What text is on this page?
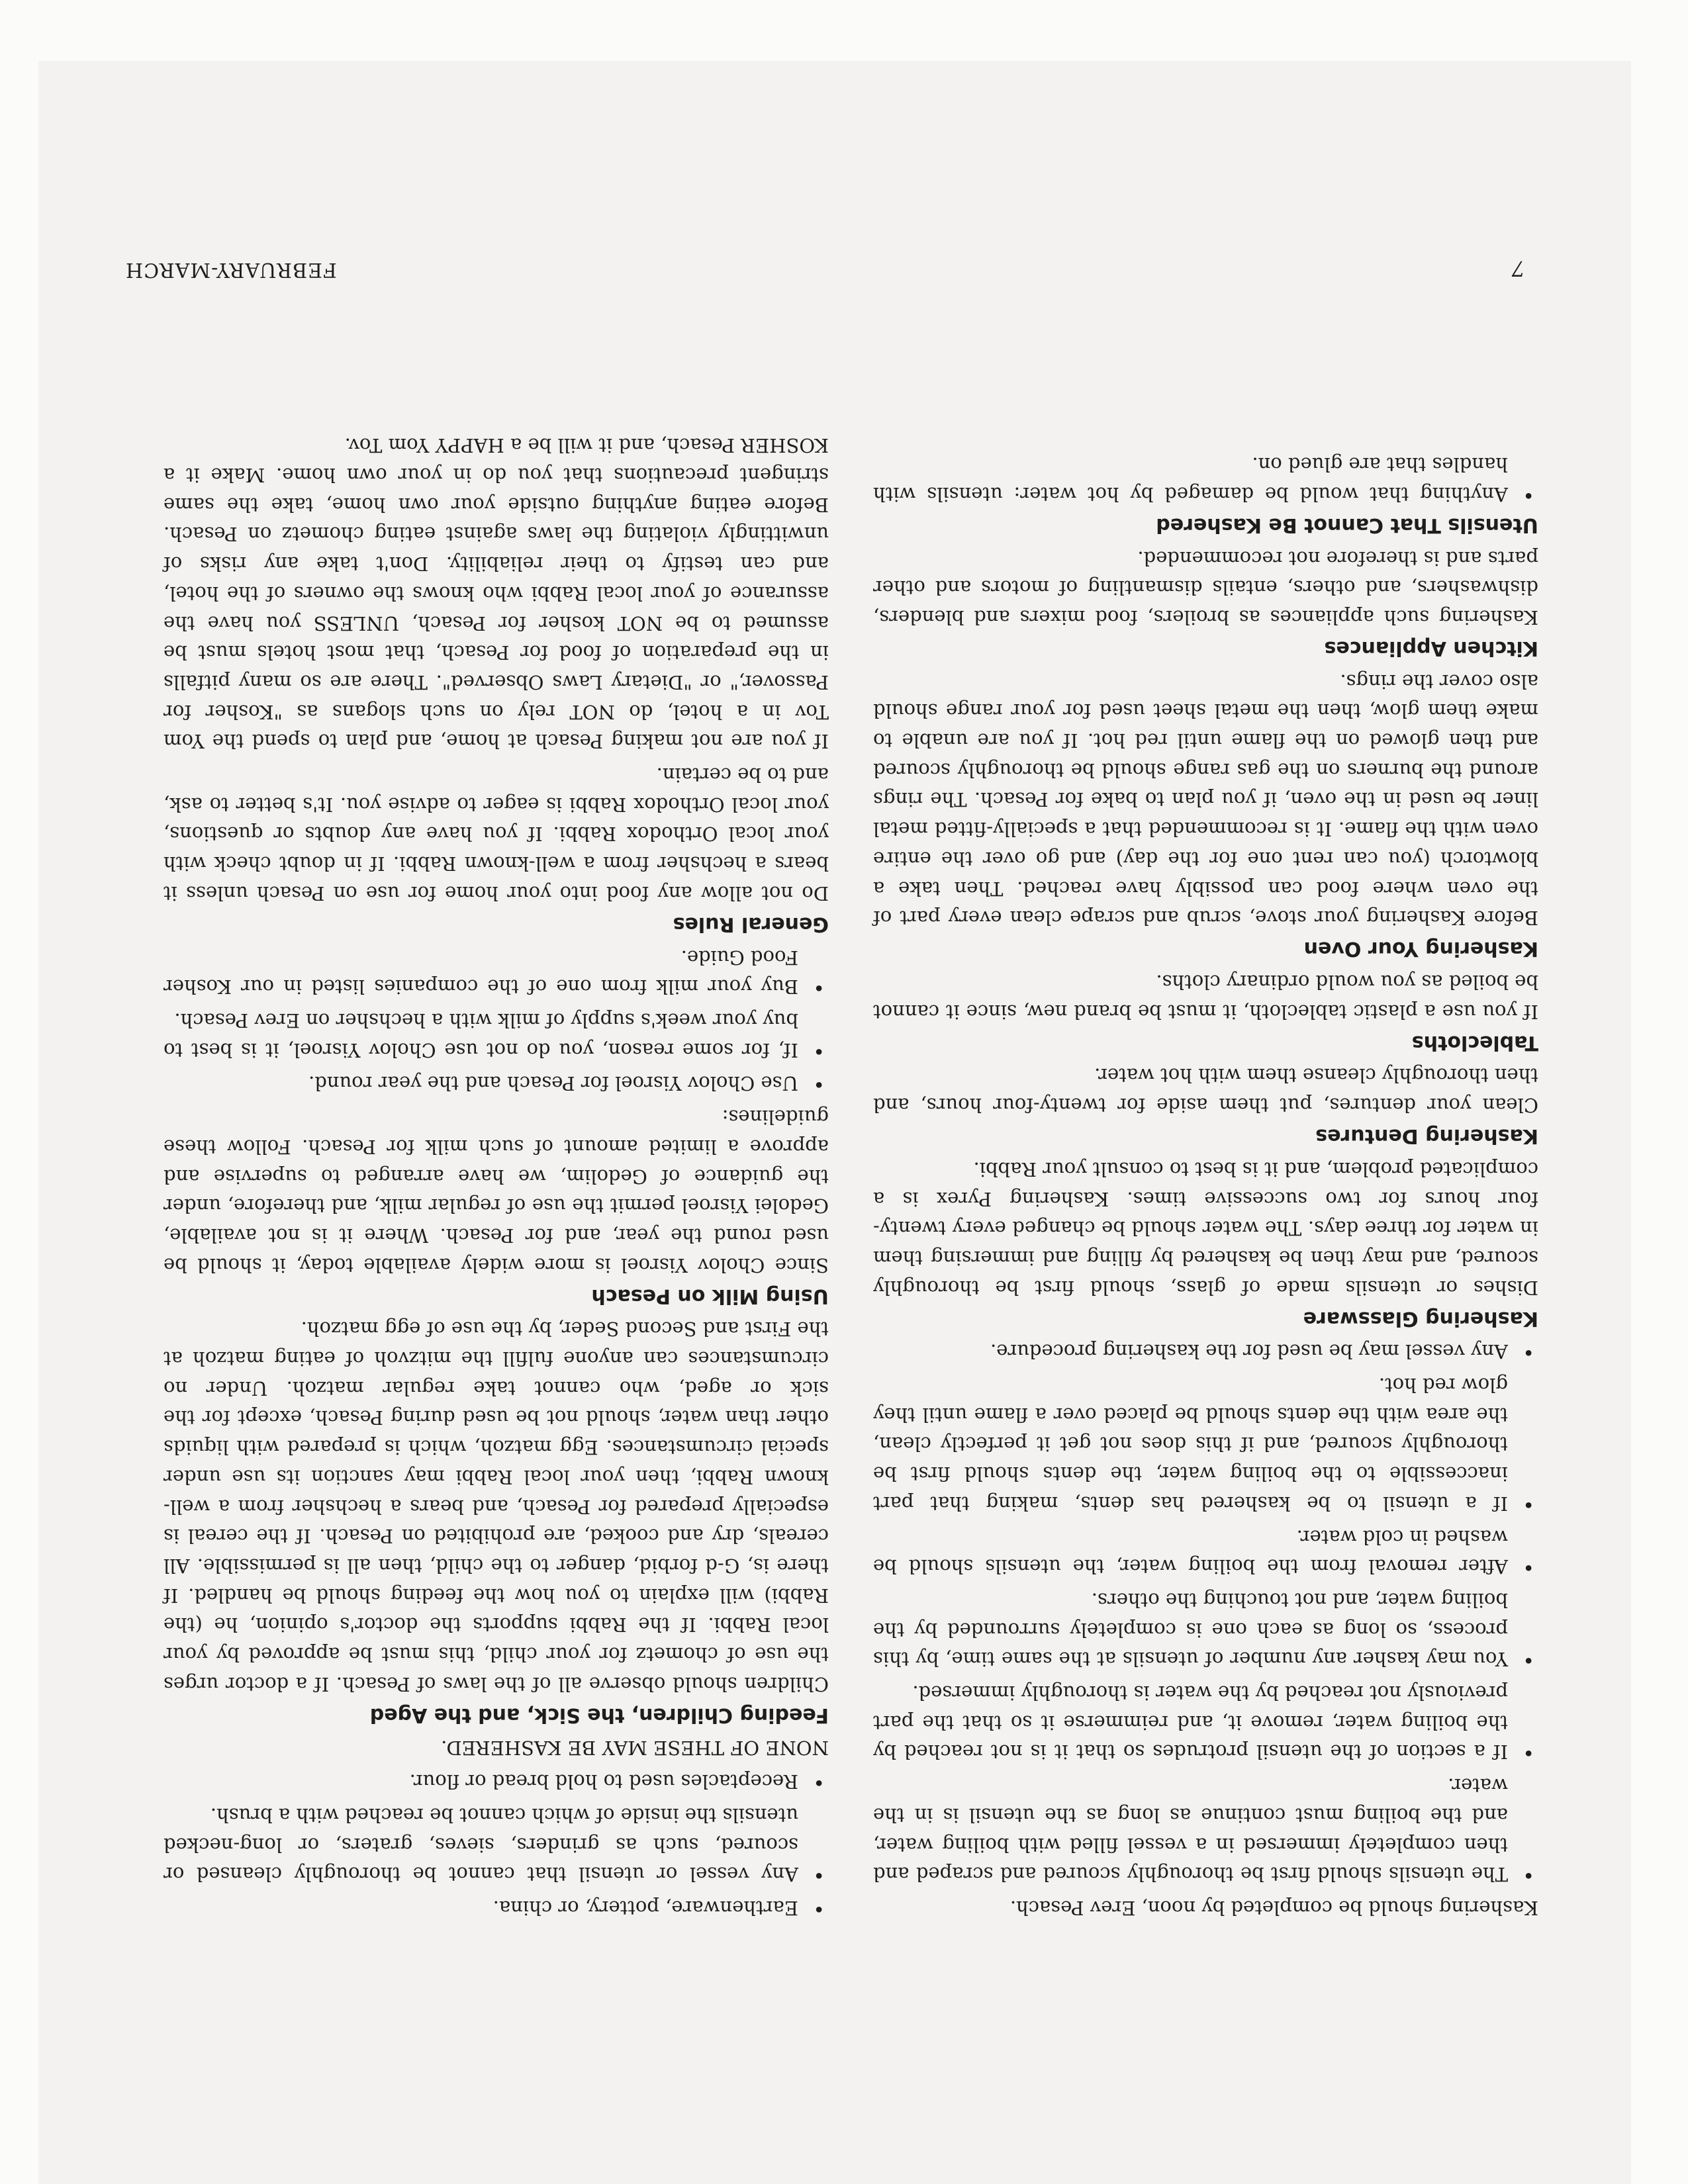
7
FEBRUARY-MARCH

Kashering should be completed by noon, Erev Pesach.

• The utensils should first be thoroughly scoured and scraped and then completely immersed in a vessel filled with boiling water, and the boiling must continue as long as the utensil is in the water.
• If a section of the utensil protrudes so that it is not reached by the boiling water, remove it, and reimmerse it so that the part previously not reached by the water is thoroughly immersed.
• You may kasher any number of utensils at the same time, by this process, so long as each one is completely surrounded by the boiling water, and not touching the others.
• After removal from the boiling water, the utensils should be washed in cold water.
• If a utensil to be kashered has dents, making that part inaccessible to the boiling water, the dents should first be thoroughly scoured, and if this does not get it perfectly clean, the area with the dents should be placed over a flame until they glow red hot.
• Any vessel may be used for the kashering procedure.
Kashering Glassware

Dishes or utensils made of glass, should first be thoroughly scoured, and may then be kashered by filling and immersing them in water for three days. The water should be changed every twenty-four hours for two successive times. Kashering Pyrex is a complicated problem, and it is best to consult your Rabbi.

Kashering Dentures

Clean your dentures, put them aside for twenty-four hours, and then thoroughly cleanse them with hot water.

Tablecloths

If you use a plastic tablecloth, it must be brand new, since it cannot be boiled as you would ordinary cloths.

Kashering Your Oven

Before Kashering your stove, scrub and scrape clean every part of the oven where food can possibly have reached. Then take a blowtorch (you can rent one for the day) and go over the entire oven with the flame. It is recommended that a specially-fitted metal liner be used in the oven, if you plan to bake for Pesach. The rings around the burners on the gas range should be thoroughly scoured and then glowed on the flame until red hot. If you are unable to make them glow, then the metal sheet used for your range should also cover the rings.

Kitchen Appliances

Kashering such appliances as broilers, food mixers and blenders, dishwashers, and others, entails dismantling of motors and other parts and is therefore not recommended.

Utensils That Cannot Be Kashered
• Anything that would be damaged by hot water: utensils with handles that are glued on.
• Earthenware, pottery, or china.
• Any vessel or utensil that cannot be thoroughly cleansed or scoured, such as grinders, sieves, graters, or long-necked utensils the inside of which cannot be reached with a brush.
• Receptacles used to hold bread or flour.

NONE OF THESE MAY BE KASHERED.

Feeding Children, the Sick, and the Aged

Children should observe all of the laws of Pesach. If a doctor urges the use of chometz for your child, this must be approved by your local Rabbi. If the Rabbi supports the doctor's opinion, he (the Rabbi) will explain to you how the feeding should be handled. If there is, G-d forbid, danger to the child, then all is permissible. All cereals, dry and cooked, are prohibited on Pesach. If the cereal is especially prepared for Pesach, and bears a hechsher from a well-known Rabbi, then your local Rabbi may sanction its use under special circumstances. Egg matzoh, which is prepared with liquids other than water, should not be used during Pesach, except for the sick or aged, who cannot take regular matzoh. Under no circumstances can anyone fulfill the mitzvoh of eating matzoh at the First and Second Seder, by the use of egg matzoh.

Using Milk on Pesach

Since Cholov Yisroel is more widely available today, it should be used round the year, and for Pesach. Where it is not available, Gedolei Yisroel permit the use of regular milk, and therefore, under the guidance of Gedolim, we have arranged to supervise and approve a limited amount of such milk for Pesach. Follow these guidelines:

• Use Cholov Yisroel for Pesach and the year round.
• If, for some reason, you do not use Cholov Yisroel, it is best to buy your week's supply of milk with a hechsher on Erev Pesach.
• Buy your milk from one of the companies listed in our Kosher Food Guide.
General Rules

Do not allow any food into your home for use on Pesach unless it bears a hechsher from a well-known Rabbi. If in doubt check with your local Orthodox Rabbi. If you have any doubts or questions, your local Orthodox Rabbi is eager to advise you. It's better to ask, and to be certain.

If you are not making Pesach at home, and plan to spend the Yom Tov in a hotel, do NOT rely on such slogans as "Kosher for Passover," or "Dietary Laws Observed". There are so many pitfalls in the preparation of food for Pesach, that most hotels must be assumed to be NOT kosher for Pesach, UNLESS you have the assurance of your local Rabbi who knows the owners of the hotel, and can testify to their reliability. Don't take any risks of unwittingly violating the laws against eating chometz on Pesach. Before eating anything outside your own home, take the same stringent precautions that you do in your own home. Make it a KOSHER Pesach, and it will be a HAPPY Yom Tov.
